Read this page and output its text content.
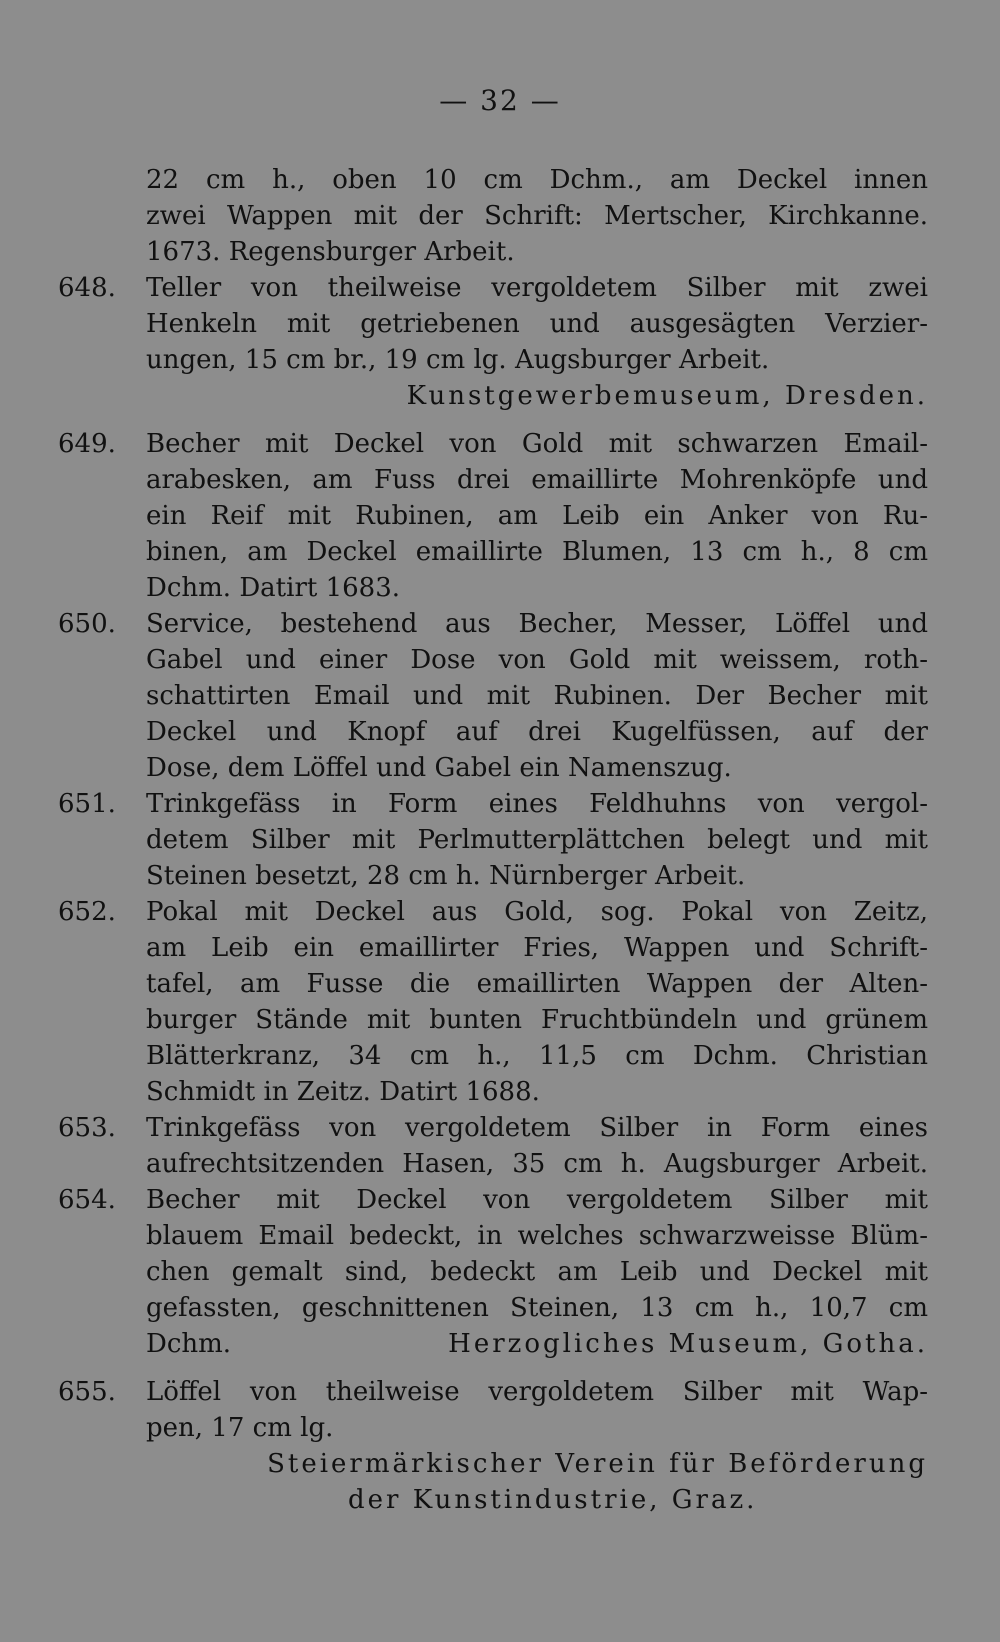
— 32 —
22 cm h., oben 10 cm Dchm., am Deckel innen
zwei Wappen mit der Schrift: Mertscher, Kirchkanne.
1673. Regensburger Arbeit.
648. Teller von theilweise vergoldetem Silber mit zwei
Henkeln mit getriebenen und ausgesägten Verzier-
ungen, 15 cm br., 19 cm lg. Augsburger Arbeit.
Kunstgewerbemuseum, Dresden.
649. Becher mit Deckel von Gold mit schwarzen Email-
arabesken, am Fuss drei emaillirte Mohrenköpfe und
ein Reif mit Rubinen, am Leib ein Anker von Ru-
binen, am Deckel emaillirte Blumen, 13 cm h., 8 cm
Dchm. Datirt 1683.
650. Service, bestehend aus Becher, Messer, Löffel und
Gabel und einer Dose von Gold mit weissem, roth-
schattirten Email und mit Rubinen. Der Becher mit
Deckel und Knopf auf drei Kugelfüssen, auf der
Dose, dem Löffel und Gabel ein Namenszug.
651. Trinkgefäss in Form eines Feldhuhns von vergol-
detem Silber mit Perlmutterplättchen belegt und mit
Steinen besetzt, 28 cm h. Nürnberger Arbeit.
652. Pokal mit Deckel aus Gold, sog. Pokal von Zeitz,
am Leib ein emaillirter Fries, Wappen und Schrift-
tafel, am Fusse die emaillirten Wappen der Alten-
burger Stände mit bunten Fruchtbündeln und grünem
Blätterkranz, 34 cm h., 11,5 cm Dchm. Christian
Schmidt in Zeitz. Datirt 1688.
653. Trinkgefäss von vergoldetem Silber in Form eines
aufrechtsitzenden Hasen, 35 cm h. Augsburger Arbeit.
654. Becher mit Deckel von vergoldetem Silber mit
blauem Email bedeckt, in welches schwarzweisse Blüm-
chen gemalt sind, bedeckt am Leib und Deckel mit
gefassten, geschnittenen Steinen, 13 cm h., 10,7 cm
Dchm.	Herzogliches Museum, Gotha.
655. Löffel von theilweise vergoldetem Silber mit Wap-
pen, 17 cm lg.
Steiermärkischer Verein für Beförderung
der Kunstindustrie, Graz.
